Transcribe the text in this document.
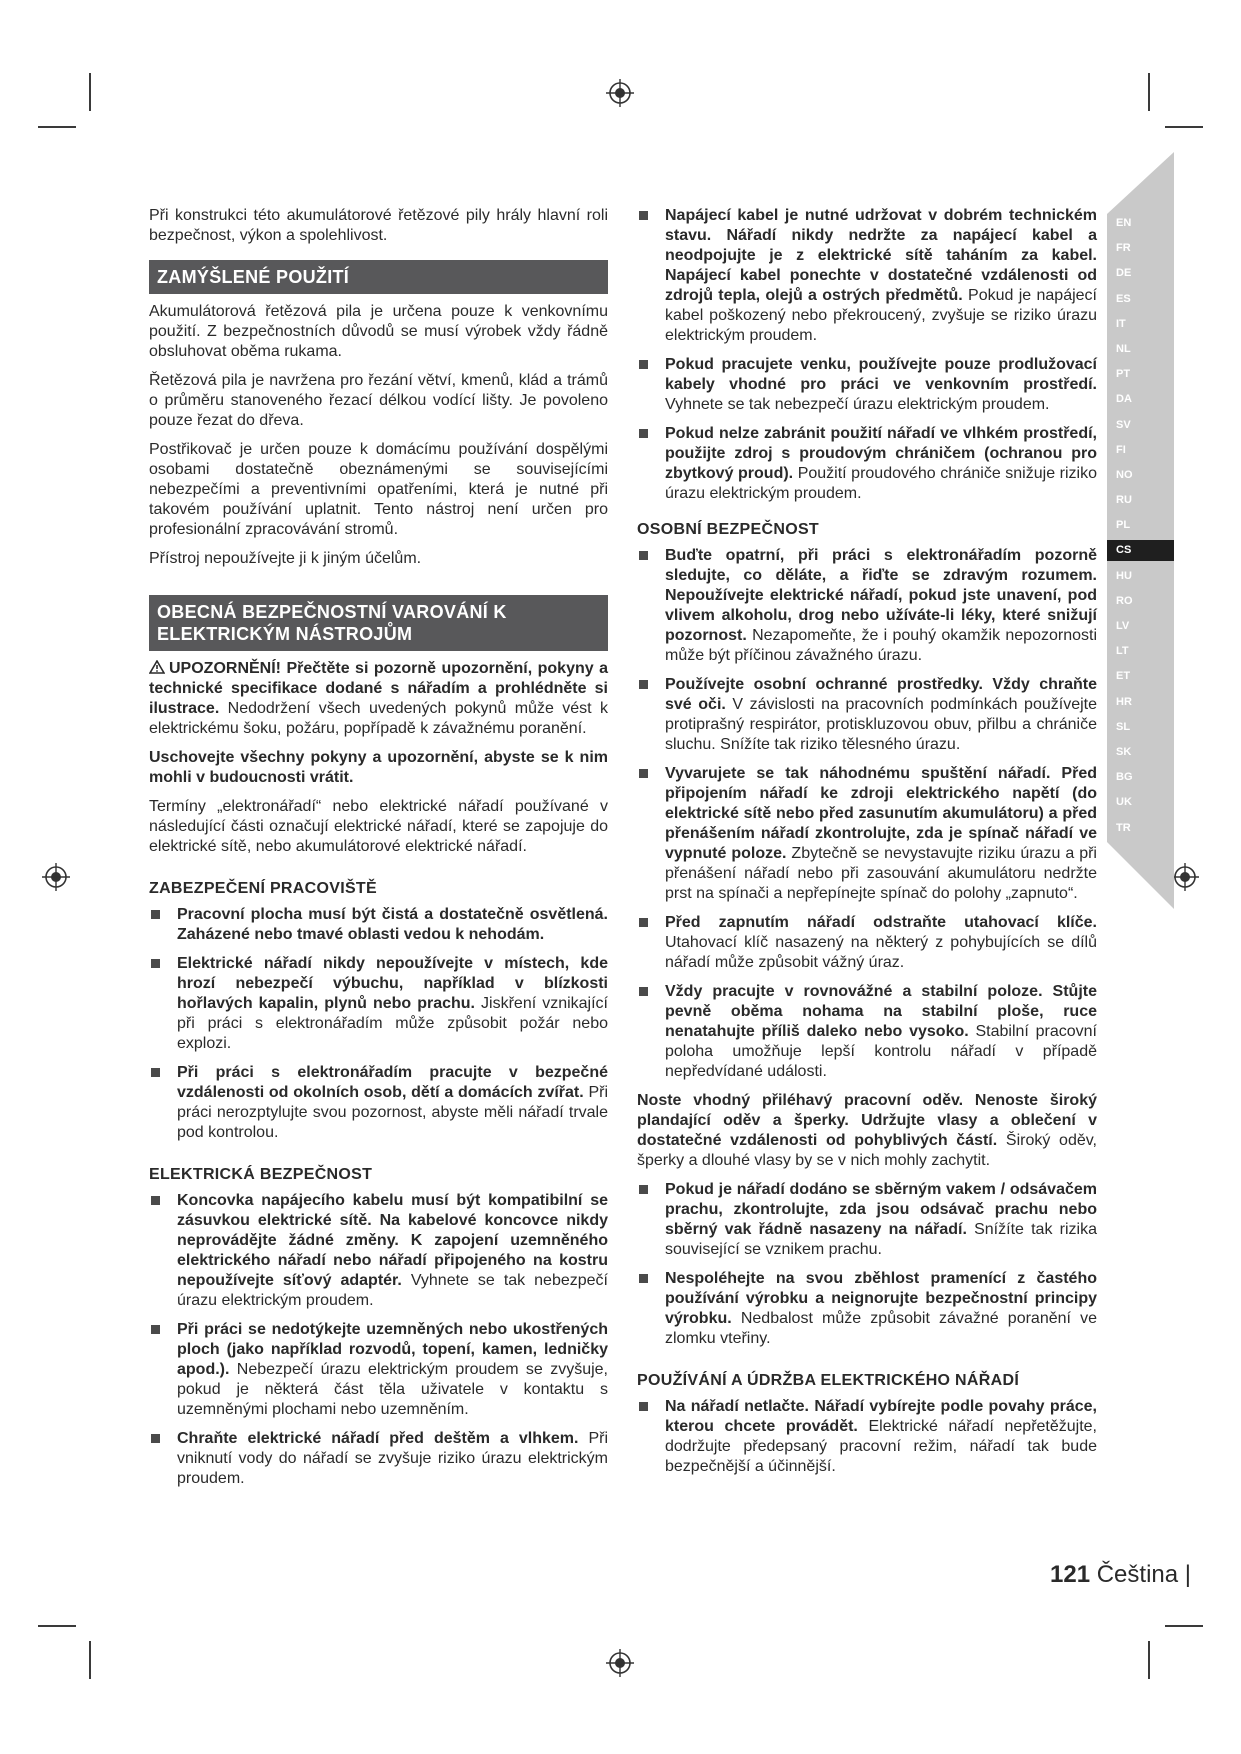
EN
FR
DE
ES
IT
NL
PT
DA
SV
FI
NO
RU
PL
CS
HU
RO
LV
LT
ET
HR
SL
SK
BG
UK
TR

Při konstrukci této akumulátorové řetězové pily hrály hlavní roli bezpečnost, výkon a spolehlivost.

ZAMÝŠLENÉ POUŽITÍ

Akumulátorová řetězová pila je určena pouze k venkovnímu použití. Z bezpečnostních důvodů se musí výrobek vždy řádně obsluhovat oběma rukama.

Řetězová pila je navržena pro řezání větví, kmenů, klád a trámů o průměru stanoveného řezací délkou vodící lišty. Je povoleno pouze řezat do dřeva.

Postřikovač je určen pouze k domácímu používání dospělými osobami dostatečně obeznámenými se souvisejícími nebezpečími a preventivními opatřeními, která je nutné při takovém používání uplatnit. Tento nástroj není určen pro profesionální zpracovávání stromů.

Přístroj nepoužívejte ji k jiným účelům.

OBECNÁ BEZPEČNOSTNÍ VAROVÁNÍ K
ELEKTRICKÝM NÁSTROJŮM

UPOZORNĚNÍ! Přečtěte si pozorně upozornění, pokyny a technické specifikace dodané s nářadím a prohlédněte si ilustrace. Nedodržení všech uvedených pokynů může vést k elektrickému šoku, požáru, popřípadě k závažnému poranění.

Uschovejte všechny pokyny a upozornění, abyste se k nim mohli v budoucnosti vrátit.

Termíny „elektronářadí“ nebo elektrické nářadí používané v následující části označují elektrické nářadí, které se zapojuje do elektrické sítě, nebo akumulátorové elektrické nářadí.

ZABEZPEČENÍ PRACOVIŠTĚ
Pracovní plocha musí být čistá a dostatečně osvětlená. Zaházené nebo tmavé oblasti vedou k nehodám.
Elektrické nářadí nikdy nepoužívejte v místech, kde hrozí nebezpečí výbuchu, například v blízkosti hořlavých kapalin, plynů nebo prachu. Jiskření vznikající při práci s elektronářadím může způsobit požár nebo explozi.
Při práci s elektronářadím pracujte v bezpečné vzdálenosti od okolních osob, dětí a domácích zvířat. Při práci nerozptylujte svou pozornost, abyste měli nářadí trvale pod kontrolou.
ELEKTRICKÁ BEZPEČNOST
Koncovka napájecího kabelu musí být kompatibilní se zásuvkou elektrické sítě. Na kabelové koncovce nikdy neprovádějte žádné změny. K zapojení uzemněného elektrického nářadí nebo nářadí připojeného na kostru nepoužívejte síťový adaptér. Vyhnete se tak nebezpečí úrazu elektrickým proudem.
Při práci se nedotýkejte uzemněných nebo ukostřených ploch (jako například rozvodů, topení, kamen, ledničky apod.). Nebezpečí úrazu elektrickým proudem se zvyšuje, pokud je některá část těla uživatele v kontaktu s uzemněnými plochami nebo uzemněním.
Chraňte elektrické nářadí před deštěm a vlhkem. Při vniknutí vody do nářadí se zvyšuje riziko úrazu elektrickým proudem.
Napájecí kabel je nutné udržovat v dobrém technickém stavu. Nářadí nikdy nedržte za napájecí kabel a neodpojujte je z elektrické sítě taháním za kabel. Napájecí kabel ponechte v dostatečné vzdálenosti od zdrojů tepla, olejů a ostrých předmětů. Pokud je napájecí kabel poškozený nebo překroucený, zvyšuje se riziko úrazu elektrickým proudem.
Pokud pracujete venku, používejte pouze prodlužovací kabely vhodné pro práci ve venkovním prostředí. Vyhnete se tak nebezpečí úrazu elektrickým proudem.
Pokud nelze zabránit použití nářadí ve vlhkém prostředí, použijte zdroj s proudovým chráničem (ochranou pro zbytkový proud). Použití proudového chrániče snižuje riziko úrazu elektrickým proudem.
OSOBNÍ BEZPEČNOST
Buďte opatrní, při práci s elektronářadím pozorně sledujte, co děláte, a řiďte se zdravým rozumem. Nepoužívejte elektrické nářadí, pokud jste unavení, pod vlivem alkoholu, drog nebo užíváte-li léky, které snižují pozornost. Nezapomeňte, že i pouhý okamžik nepozornosti může být příčinou závažného úrazu.
Používejte osobní ochranné prostředky. Vždy chraňte své oči. V závislosti na pracovních podmínkách používejte protiprašný respirátor, protiskluzovou obuv, přilbu a chrániče sluchu. Snížíte tak riziko tělesného úrazu.
Vyvarujete se tak náhodnému spuštění nářadí. Před připojením nářadí ke zdroji elektrického napětí (do elektrické sítě nebo před zasunutím akumulátoru) a před přenášením nářadí zkontrolujte, zda je spínač nářadí ve vypnuté poloze. Zbytečně se nevystavujte riziku úrazu a při přenášení nářadí nebo při zasouvání akumulátoru nedržte prst na spínači a nepřepínejte spínač do polohy „zapnuto“.
Před zapnutím nářadí odstraňte utahovací klíče. Utahovací klíč nasazený na některý z pohybujících se dílů nářadí může způsobit vážný úraz.
Vždy pracujte v rovnovážné a stabilní poloze. Stůjte pevně oběma nohama na stabilní ploše, ruce nenatahujte příliš daleko nebo vysoko. Stabilní pracovní poloha umožňuje lepší kontrolu nářadí v případě nepředvídané události.

Noste vhodný přiléhavý pracovní oděv. Nenoste široký plandající oděv a šperky. Udržujte vlasy a oblečení v dostatečné vzdálenosti od pohyblivých částí. Široký oděv, šperky a dlouhé vlasy by se v nich mohly zachytit.

Pokud je nářadí dodáno se sběrným vakem / odsávačem prachu, zkontrolujte, zda jsou odsávač prachu nebo sběrný vak řádně nasazeny na nářadí. Snížíte tak rizika související se vznikem prachu.
Nespoléhejte na svou zběhlost pramenící z častého používání výrobku a neignorujte bezpečnostní principy výrobku. Nedbalost může způsobit závažné poranění ve zlomku vteřiny.
POUŽÍVÁNÍ A ÚDRŽBA ELEKTRICKÉHO NÁŘADÍ
Na nářadí netlačte. Nářadí vybírejte podle povahy práce, kterou chcete provádět. Elektrické nářadí nepřetěžujte, dodržujte předepsaný pracovní režim, nářadí tak bude bezpečnější a účinnější.
121 Čeština |
